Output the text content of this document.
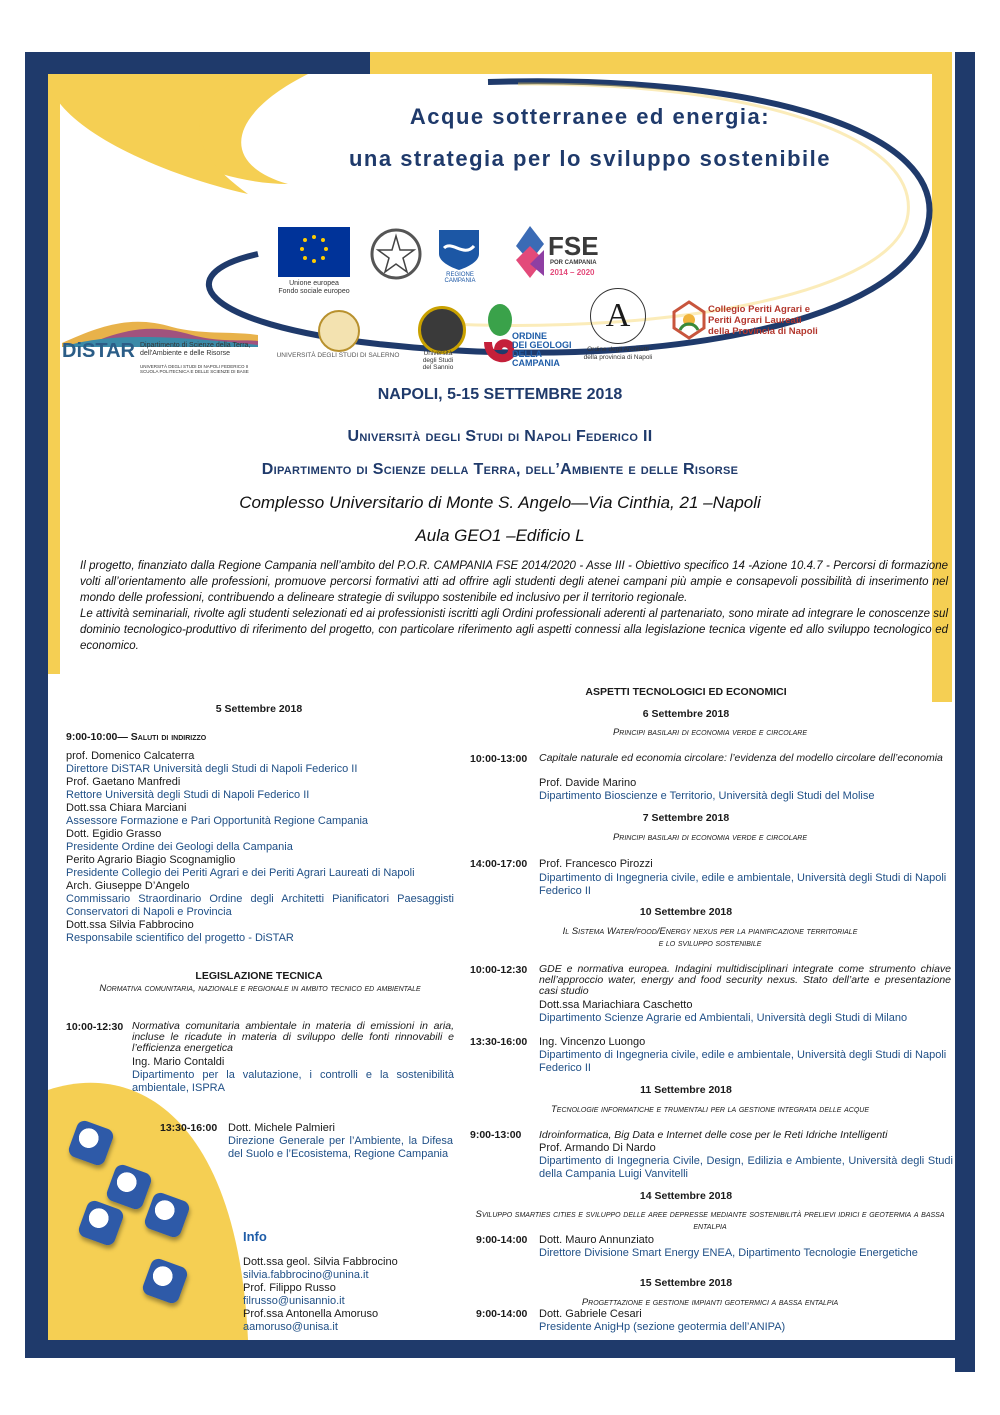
Acque sotterranee ed energia:
una strategia per lo sviluppo sostenibile
Unione europea
Fondo sociale europeo
REGIONE CAMPANIA
FSE
POR CAMPANIA
2014 – 2020
DiSTAR Dipartimento di Scienze della Terra,
dell'Ambiente e delle Risorse
UNIVERSITÀ DEGLI STUDI DI NAPOLI FEDERICO II
SCUOLA POLITECNICA E DELLE SCIENZE DI BASE
UNIVERSITÀ DEGLI STUDI DI SALERNO	Università
degli Studi
del Sannio
ORDINE
DEI GEOLOGI
DELLA
CAMPANIA
A
Ordine degli Architetti
della provincia di Napoli
Collegio Periti Agrari e
Periti Agrari Laureati
della Provincia di Napoli
NAPOLI, 5-15 SETTEMBRE 2018
Università degli Studi di Napoli Federico II
Dipartimento di Scienze della Terra, dell’Ambiente e delle Risorse
Complesso Universitario di Monte S. Angelo—Via Cinthia, 21 –Napoli
Aula GEO1 –Edificio L
Il progetto, finanziato dalla Regione Campania nell’ambito del P.O.R. CAMPANIA FSE 2014/2020 - Asse III - Obiettivo specifico 14 -Azione 10.4.7 - Percorsi di formazione volti all’orientamento alle professioni, promuove percorsi formativi atti ad offrire agli studenti degli atenei campani più ampie e consapevoli possibilità di inserimento nel mondo delle professioni, contribuendo a delineare strategie di sviluppo sostenibile ed inclusivo per il territorio regionale.
Le attività seminariali, rivolte agli studenti selezionati ed ai professionisti iscritti agli Ordini professionali aderenti al partenariato, sono mirate ad integrare le conoscenze sul dominio tecnologico-produttivo di riferimento del progetto, con particolare riferimento agli aspetti connessi alla legislazione tecnica vigente ed allo sviluppo tecnologico ed economico.
5 Settembre 2018
9:00-10:00— Saluti di indirizzo
prof. Domenico Calcaterra
Direttore DiSTAR Università degli Studi di Napoli Federico II
Prof. Gaetano Manfredi
Rettore Università degli Studi di Napoli Federico II
Dott.ssa Chiara Marciani
Assessore Formazione e Pari Opportunità Regione Campania
Dott. Egidio Grasso
Presidente Ordine dei Geologi della Campania
Perito Agrario Biagio Scognamiglio
Presidente Collegio dei Periti Agrari e dei Periti Agrari Laureati di Napoli
Arch. Giuseppe D’Angelo
Commissario Straordinario Ordine degli Architetti Pianificatori Paesaggisti Conservatori di Napoli e Provincia
Dott.ssa Silvia Fabbrocino
Responsabile scientifico del progetto - DiSTAR
LEGISLAZIONE TECNICA
Normativa comunitaria, nazionale e regionale in ambito tecnico ed ambientale
10:00-12:30 Normativa comunitaria ambientale in materia di emissioni in aria, incluse le ricadute in materia di sviluppo delle fonti rinnovabili e l’efficienza energetica
Ing. Mario Contaldi
Dipartimento per la valutazione, i controlli e la sostenibilità ambientale, ISPRA
13:30-16:00 Dott. Michele Palmieri
Direzione Generale per l’Ambiente, la Difesa del Suolo e l’Ecosistema, Regione Campania
Info
Dott.ssa geol. Silvia Fabbrocino
silvia.fabbrocino@unina.it
Prof. Filippo Russo
filrusso@unisannio.it
Prof.ssa Antonella Amoruso
aamoruso@unisa.it
ASPETTI TECNOLOGICI ED ECONOMICI
6 Settembre 2018
Principi basilari di economia verde e circolare
10:00-13:00 Capitale naturale ed economia circolare: l’evidenza del modello circolare dell’economia
Prof. Davide Marino
Dipartimento Bioscienze e Territorio, Università degli Studi del Molise
7 Settembre 2018
Principi basilari di economia verde e circolare
14:00-17:00 Prof. Francesco Pirozzi
Dipartimento di Ingegneria civile, edile e ambientale, Università degli Studi di Napoli Federico II
10 Settembre 2018
Il Sistema Water/food/Energy nexus per la pianificazione territoriale
e lo sviluppo sostenibile
10:00-12:30 GDE e normativa europea. Indagini multidisciplinari integrate come strumento chiave nell’approccio water, energy and food security nexus. Stato dell’arte e presentazione casi studio
Dott.ssa Mariachiara Caschetto
Dipartimento Scienze Agrarie ed Ambientali, Università degli Studi di Milano
13:30-16:00 Ing. Vincenzo Luongo
Dipartimento di Ingegneria civile, edile e ambientale, Università degli Studi di Napoli Federico II
11 Settembre 2018
Tecnologie informatiche e trumentali per la gestione integrata delle acque
9:00-13:00 Idroinformatica, Big Data e Internet delle cose per le Reti Idriche Intelligenti
Prof. Armando Di Nardo
Dipartimento di Ingegneria Civile, Design, Edilizia e Ambiente, Università degli Studi della Campania Luigi Vanvitelli
14 Settembre 2018
Sviluppo smarties cities e sviluppo delle aree depresse mediante sostenibilità prelievi idrici e geotermia a bassa entalpia
9:00-14:00 Dott. Mauro Annunziato
Direttore Divisione Smart Energy ENEA, Dipartimento Tecnologie Energetiche
15 Settembre 2018
Progettazione e gestione impianti geotermici a bassa entalpia
9:00-14:00 Dott. Gabriele Cesari
Presidente AnigHp (sezione geotermia dell’ANIPA)
